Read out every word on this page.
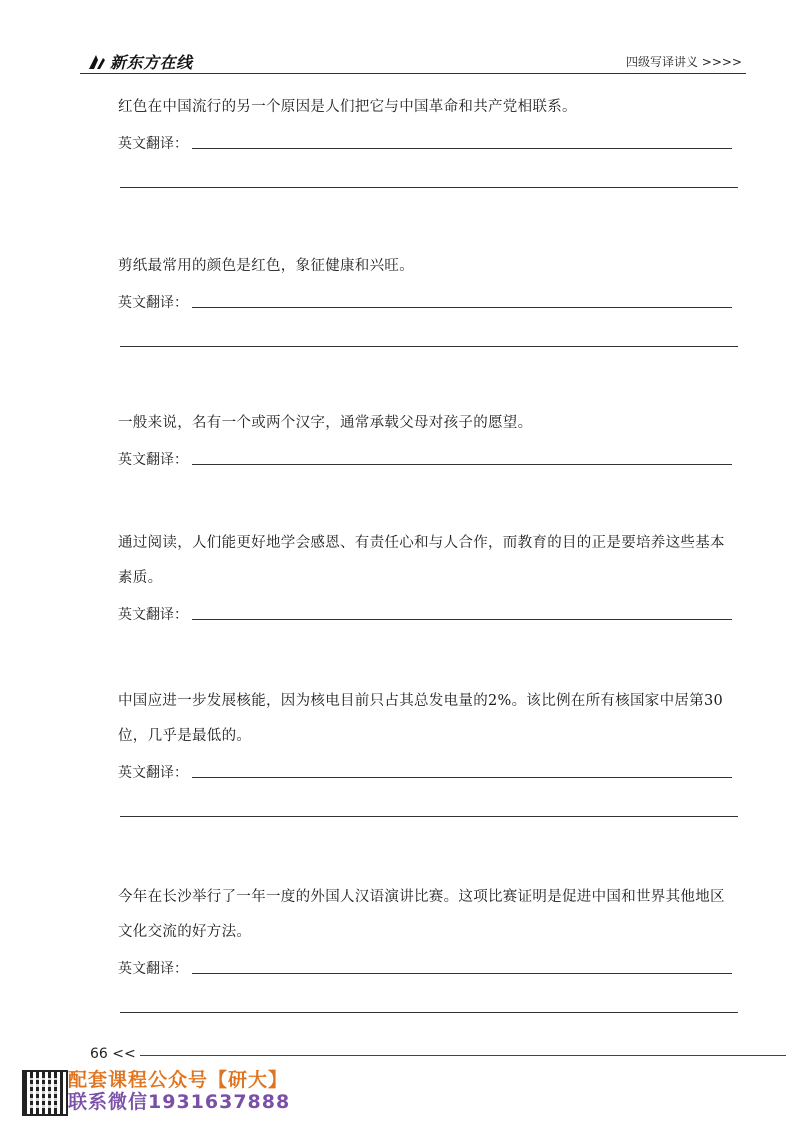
新东方在线	四级写译讲义 >>>>
红色在中国流行的另一个原因是人们把它与中国革命和共产党相联系。
英文翻译：
剪纸最常用的颜色是红色，象征健康和兴旺。
英文翻译：
一般来说，名有一个或两个汉字，通常承载父母对孩子的愿望。
英文翻译：
通过阅读，人们能更好地学会感恩、有责任心和与人合作，而教育的目的正是要培养这些基本素质。
英文翻译：
中国应进一步发展核能，因为核电目前只占其总发电量的2%。该比例在所有核国家中居第30位，几乎是最低的。
英文翻译：
今年在长沙举行了一年一度的外国人汉语演讲比赛。这项比赛证明是促进中国和世界其他地区文化交流的好方法。
英文翻译：
66 <<
配套课程公众号【研大】
联系微信1931637888
